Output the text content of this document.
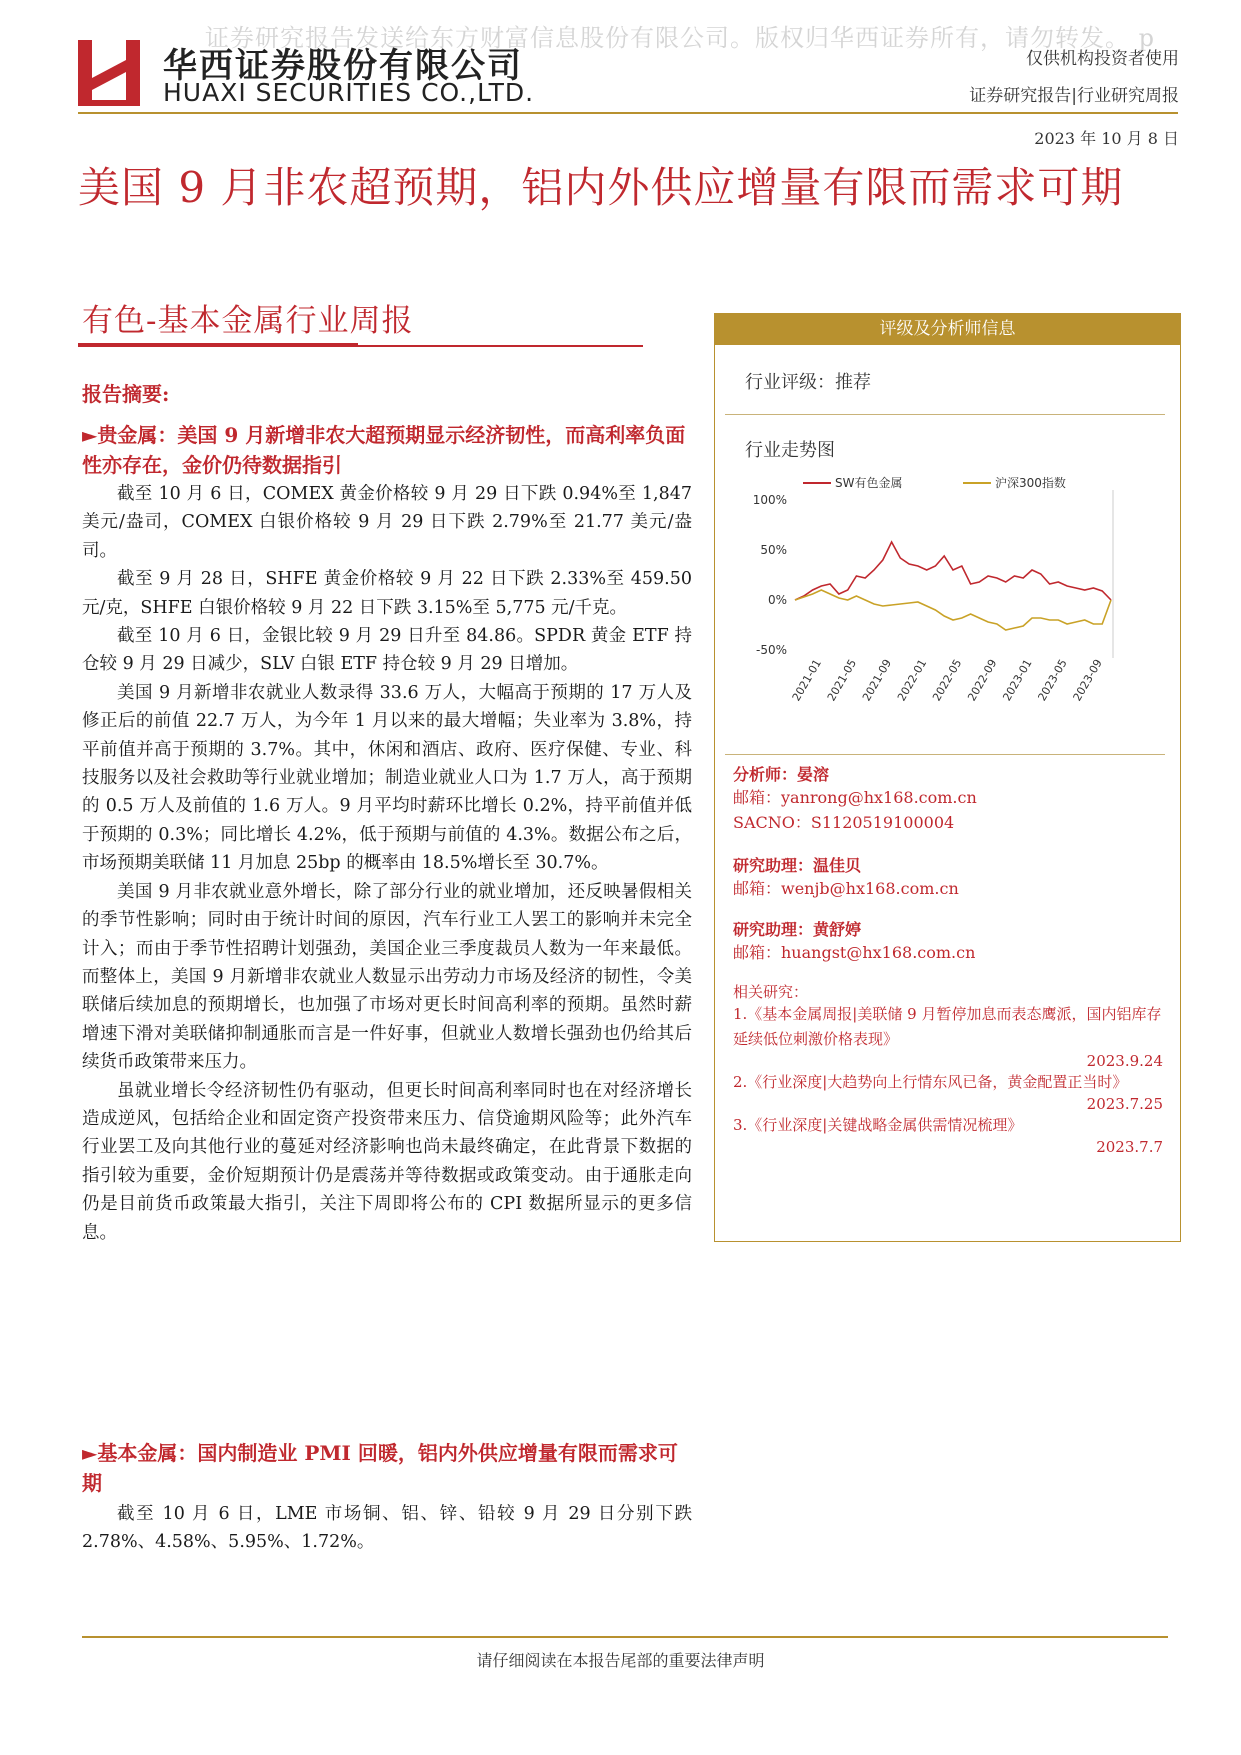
证券研究报告发送给东方财富信息股份有限公司。版权归华西证券所有，请勿转发。 p
华西证券股份有限公司
HUAXI SECURITIES CO.,LTD.
仅供机构投资者使用
证券研究报告|行业研究周报
2023 年 10 月 8 日
美国 9 月非农超预期，铝内外供应增量有限而需求可期
有色-基本金属行业周报
报告摘要:
►贵金属：美国 9 月新增非农大超预期显示经济韧性，而高利率负面性亦存在，金价仍待数据指引

截至 10 月 6 日，COMEX 黄金价格较 9 月 29 日下跌 0.94%至 1,847 美元/盎司，COMEX 白银价格较 9 月 29 日下跌 2.79%至 21.77 美元/盎司。

截至 9 月 28 日，SHFE 黄金价格较 9 月 22 日下跌 2.33%至 459.50 元/克，SHFE 白银价格较 9 月 22 日下跌 3.15%至 5,775 元/千克。

截至 10 月 6 日，金银比较 9 月 29 日升至 84.86。SPDR 黄金 ETF 持仓较 9 月 29 日减少，SLV 白银 ETF 持仓较 9 月 29 日增加。

美国 9 月新增非农就业人数录得 33.6 万人，大幅高于预期的 17 万人及修正后的前值 22.7 万人，为今年 1 月以来的最大增幅；失业率为 3.8%，持平前值并高于预期的 3.7%。其中，休闲和酒店、政府、医疗保健、专业、科技服务以及社会救助等行业就业增加；制造业就业人口为 1.7 万人，高于预期的 0.5 万人及前值的 1.6 万人。9 月平均时薪环比增长 0.2%，持平前值并低于预期的 0.3%；同比增长 4.2%，低于预期与前值的 4.3%。数据公布之后，市场预期美联储 11 月加息 25bp 的概率由 18.5%增长至 30.7%。

美国 9 月非农就业意外增长，除了部分行业的就业增加，还反映暑假相关的季节性影响；同时由于统计时间的原因，汽车行业工人罢工的影响并未完全计入；而由于季节性招聘计划强劲，美国企业三季度裁员人数为一年来最低。而整体上，美国 9 月新增非农就业人数显示出劳动力市场及经济的韧性，令美联储后续加息的预期增长，也加强了市场对更长时间高利率的预期。虽然时薪增速下滑对美联储抑制通胀而言是一件好事，但就业人数增长强劲也仍给其后续货币政策带来压力。

虽就业增长令经济韧性仍有驱动，但更长时间高利率同时也在对经济增长造成逆风，包括给企业和固定资产投资带来压力、信贷逾期风险等；此外汽车行业罢工及向其他行业的蔓延对经济影响也尚未最终确定，在此背景下数据的指引较为重要，金价短期预计仍是震荡并等待数据或政策变动。由于通胀走向仍是目前货币政策最大指引，关注下周即将公布的 CPI 数据所显示的更多信息。

►基本金属：国内制造业 PMI 回暖，铝内外供应增量有限而需求可期

截至 10 月 6 日，LME 市场铜、铝、锌、铅较 9 月 29 日分别下跌 2.78%、4.58%、5.95%、1.72%。

评级及分析师信息
行业评级：推荐
行业走势图
SW有色金属	沪深300指数
100%
50%
0%
-50%
2021-01 2021-05 2021-09 2022-01 2022-05 2022-09 2023-01 2023-05 2023-09
分析师：晏溶
邮箱：yanrong@hx168.com.cn
SACNO：S1120519100004
研究助理：温佳贝
邮箱：wenjb@hx168.com.cn
研究助理：黄舒婷
邮箱：huangst@hx168.com.cn
相关研究：
1.《基本金属周报|美联储 9 月暂停加息而表态鹰派，国内铝库存延续低位刺激价格表现》
2023.9.24
2.《行业深度|大趋势向上行情东风已备，黄金配置正当时》
2023.7.25
3.《行业深度|关键战略金属供需情况梳理》
2023.7.7
请仔细阅读在本报告尾部的重要法律声明
